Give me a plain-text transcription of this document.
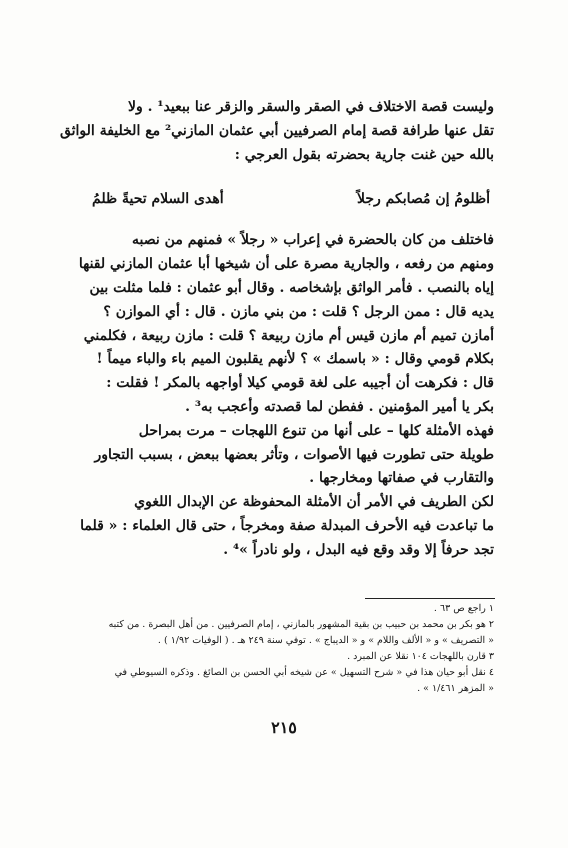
وليست قصة الاختلاف في الصقر والسقر والزقر عنا ببعيد¹ . ولا
تقل عنها طرافة قصة إمام الصرفيين أبي عثمان المازني² مع الخليفة الواثق
بالله حين غنت جارية بحضرته بقول العرجي :
أظلومُ إن مُصابكم رجلاً
أهدى السلام تحيةً ظلمُ
فاختلف من كان بالحضرة في إعراب « رجلاً » فمنهم من نصبه
ومنهم من رفعه ، والجارية مصرة على أن شيخها أبا عثمان المازني لقنها
إياه بالنصب . فأمر الواثق بإشخاصه . وقال أبو عثمان : فلما مثلت بين
يديه قال : ممن الرجل ؟ قلت : من بني مازن . قال : أي الموازن ؟
أمازن تميم أم مازن قيس أم مازن ربيعة ؟ قلت : مازن ربيعة ، فكلمني
بكلام قومي وقال : « باسمك » ؟ لأنهم يقلبون الميم باء والباء ميماً !
قال : فكرهت أن أجيبه على لغة قومي كيلا أواجهه بالمكر ! فقلت :
بكر يا أمير المؤمنين . ففطن لما قصدته وأعجب به³ .
فهذه الأمثلة كلها – على أنها من تنوع اللهجات – مرت بمراحل
طويلة حتى تطورت فيها الأصوات ، وتأثر بعضها ببعض ، بسبب التجاور
والتقارب في صفاتها ومخارجها .
لكن الطريف في الأمر أن الأمثلة المحفوظة عن الإبدال اللغوي
ما تباعدت فيه الأحرف المبدلة صفة ومخرجاً ، حتى قال العلماء : « قلما
تجد حرفاً إلا وقد وقع فيه البدل ، ولو نادراً »⁴ .
١ راجع ص ٦٣ .
٢ هو بكر بن محمد بن حبيب بن بقية المشهور بالمازني ، إمام الصرفيين . من أهل البصرة . من كتبه
« التصريف » و « الألف واللام » و « الديباج » . توفي سنة ٢٤٩ هـ . ( الوفيات ١/٩٢ ) .
٣ قارن باللهجات ١٠٤ نقلا عن المبرد .
٤ نقل أبو حيان هذا في « شرح التسهيل » عن شيخه أبي الحسن بن الصائغ . وذكره السيوطي في
« المزهر ١/٤٦١ » .
٢١٥
